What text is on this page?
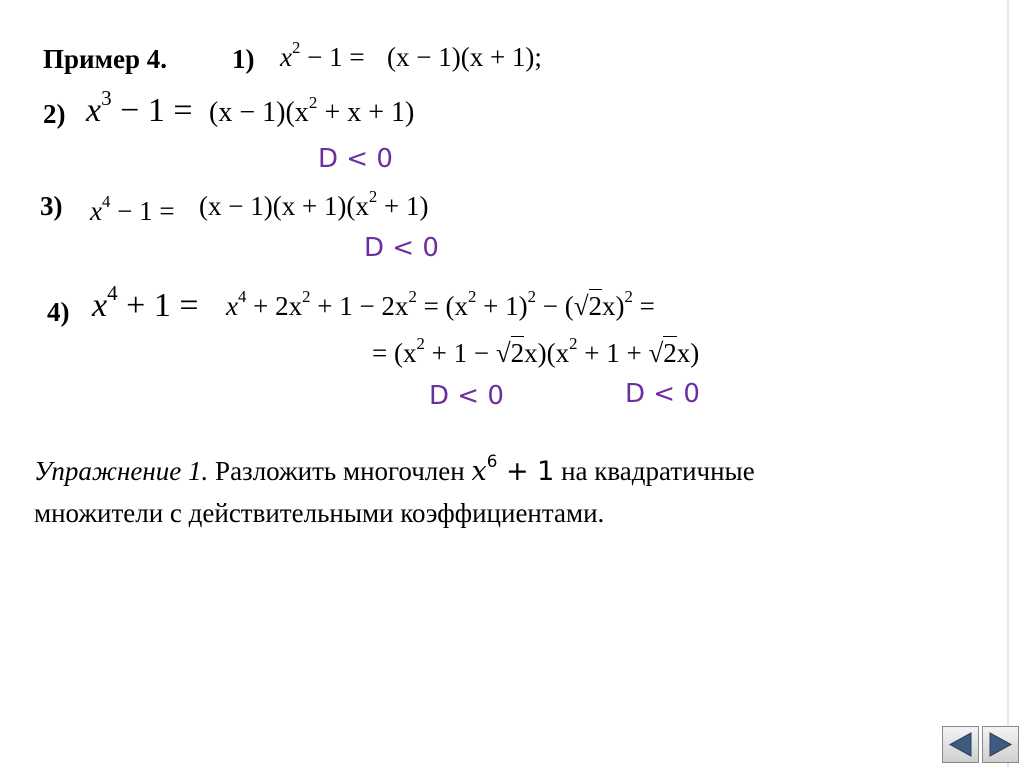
Пример 4. 1) $x^2 - 1 = (x - 1)(x + 1)$;
2) $x^3 - 1 = (x - 1)(x^2 + x + 1)$
D < 0
3) $x^4 - 1 = (x - 1)(x + 1)(x^2 + 1)$
D < 0
4) $x^4 + 1 = x^4 + 2x^2 + 1 - 2x^2 = (x^2 + 1)^2 - (√2x)^2$ =
= $(x^2 + 1 - √2x)(x^2 + 1 + √2x)$
D < 0	D < 0
Упражнение 1. Разложить многочлен $x^6 + 1$ на квадратичные
множители с действительными коэффициентами.
